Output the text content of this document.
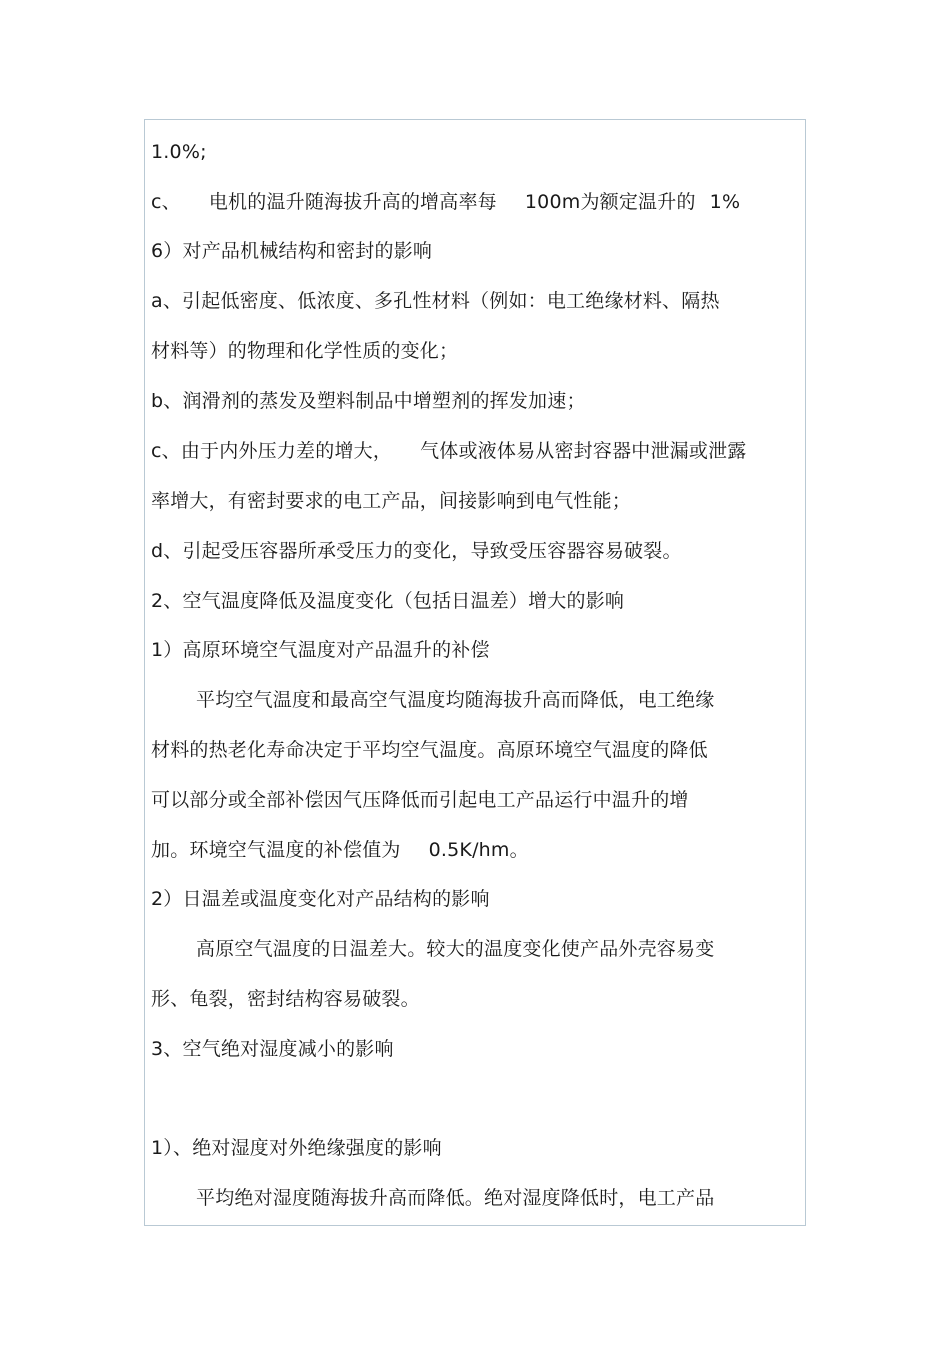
1.0%;
c、 电机的温升随海拔升高的增高率每 100m为额定温升的 1%
6）对产品机械结构和密封的影响
a、引起低密度、低浓度、多孔性材料（例如：电工绝缘材料、隔热
材料等）的物理和化学性质的变化；
b、润滑剂的蒸发及塑料制品中增塑剂的挥发加速；
c、由于内外压力差的增大， 气体或液体易从密封容器中泄漏或泄露
率增大，有密封要求的电工产品，间接影响到电气性能；
d、引起受压容器所承受压力的变化，导致受压容器容易破裂。
2、空气温度降低及温度变化（包括日温差）增大的影响
1）高原环境空气温度对产品温升的补偿
平均空气温度和最高空气温度均随海拔升高而降低，电工绝缘
材料的热老化寿命决定于平均空气温度。高原环境空气温度的降低
可以部分或全部补偿因气压降低而引起电工产品运行中温升的增
加。环境空气温度的补偿值为 0.5K/hm。
2）日温差或温度变化对产品结构的影响
高原空气温度的日温差大。较大的温度变化使产品外壳容易变
形、龟裂，密封结构容易破裂。
3、空气绝对湿度减小的影响
1）、绝对湿度对外绝缘强度的影响
平均绝对湿度随海拔升高而降低。绝对湿度降低时，电工产品
